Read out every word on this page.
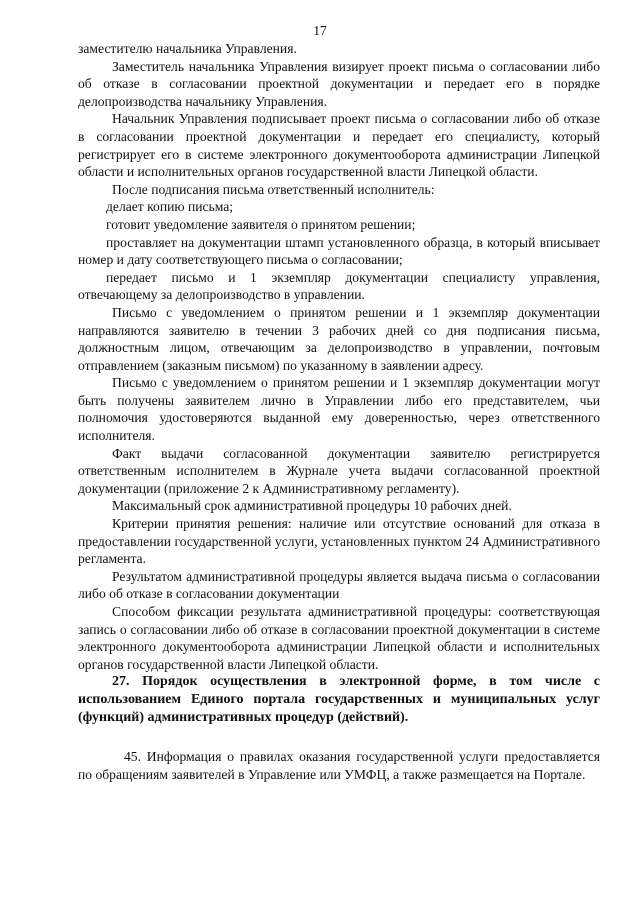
17

заместителю начальника Управления.

Заместитель начальника Управления визирует проект письма о согласовании либо об отказе в согласовании проектной документации и передает его в порядке делопроизводства начальнику Управления.

Начальник Управления подписывает проект письма о согласовании либо об отказе в согласовании проектной документации и передает его специалисту, который регистрирует его в системе электронного документооборота администрации Липецкой области и исполнительных органов государственной власти Липецкой области.

После подписания письма ответственный исполнитель:

делает копию письма;

готовит уведомление заявителя о принятом решении;

проставляет на документации штамп установленного образца, в который вписывает номер и дату соответствующего письма о согласовании;

передает письмо и 1 экземпляр документации специалисту управления, отвечающему за делопроизводство в управлении.

Письмо с уведомлением о принятом решении и 1 экземпляр документации направляются заявителю в течении 3 рабочих дней со дня подписания письма, должностным лицом, отвечающим за делопроизводство в управлении, почтовым отправлением (заказным письмом) по указанному в заявлении адресу.

Письмо с уведомлением о принятом решении и 1 экземпляр документации могут быть получены заявителем лично в Управлении либо его представителем, чьи полномочия удостоверяются выданной ему доверенностью, через ответственного исполнителя.

Факт выдачи согласованной документации заявителю регистрируется ответственным исполнителем в Журнале учета выдачи согласованной проектной документации (приложение 2 к Административному регламенту).

Максимальный срок административной процедуры 10 рабочих дней.

Критерии принятия решения: наличие или отсутствие оснований для отказа в предоставлении государственной услуги, установленных пунктом 24 Административного регламента.

Результатом административной процедуры является выдача письма о согласовании либо об отказе в согласовании документации

Способом фиксации результата административной процедуры: соответствующая запись о согласовании либо об отказе в согласовании проектной документации в системе электронного документооборота администрации Липецкой области и исполнительных органов государственной власти Липецкой области.

27. Порядок осуществления в электронной форме, в том числе с использованием Единого портала государственных и муниципальных услуг (функций) административных процедур (действий).

45. Информация о правилах оказания государственной услуги предоставляется по обращениям заявителей в Управление или УМФЦ, а также размещается на Портале.
